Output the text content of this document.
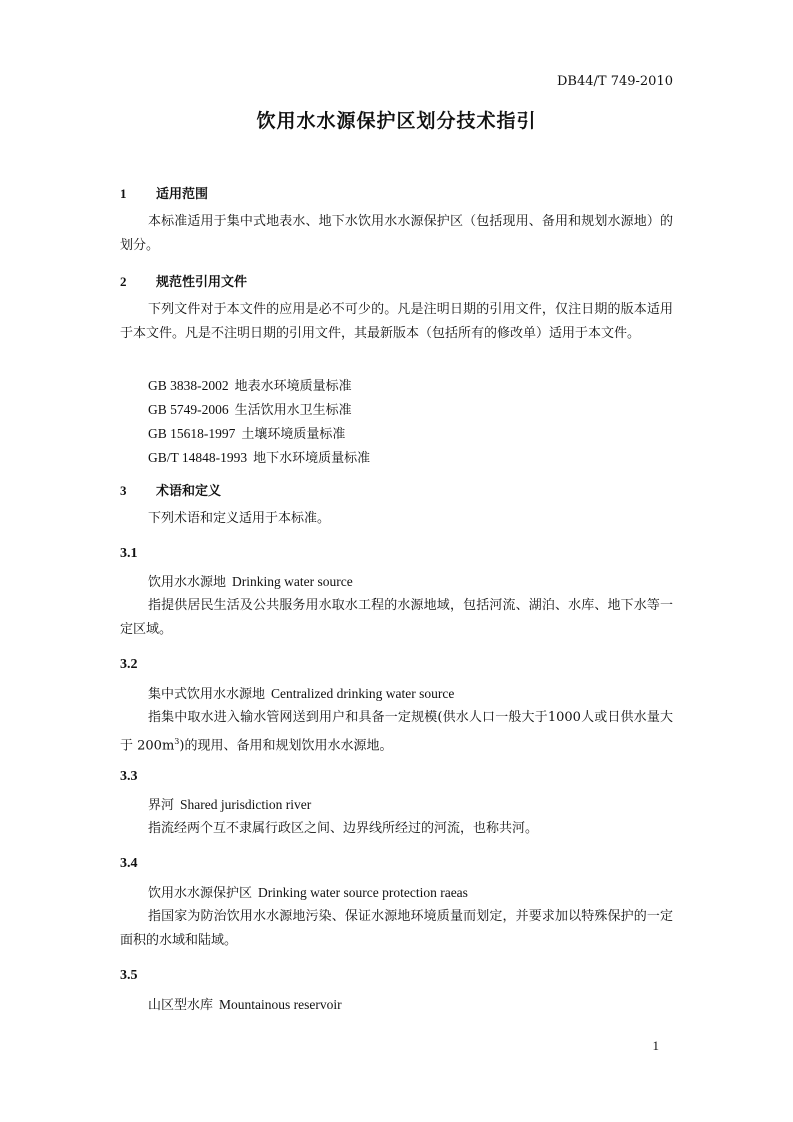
DB44/T 749-2010
饮用水水源保护区划分技术指引
1 适用范围
本标准适用于集中式地表水、地下水饮用水水源保护区（包括现用、备用和规划水源地）的划分。
2 规范性引用文件
下列文件对于本文件的应用是必不可少的。凡是注明日期的引用文件，仅注日期的版本适用于本文件。凡是不注明日期的引用文件，其最新版本（包括所有的修改单）适用于本文件。
GB 3838-2002 地表水环境质量标准
GB 5749-2006 生活饮用水卫生标准
GB 15618-1997 土壤环境质量标准
GB/T 14848-1993 地下水环境质量标准
3 术语和定义
下列术语和定义适用于本标准。
3.1
饮用水水源地 Drinking water source
指提供居民生活及公共服务用水取水工程的水源地域，包括河流、湖泊、水库、地下水等一定区域。
3.2
集中式饮用水水源地 Centralized drinking water source
指集中取水进入输水管网送到用户和具备一定规模(供水人口一般大于1000人或日供水量大于 $200m^3$)的现用、备用和规划饮用水水源地。
3.3
界河 Shared jurisdiction river
指流经两个互不隶属行政区之间、边界线所经过的河流，也称共河。
3.4
饮用水水源保护区 Drinking water source protection raeas
指国家为防治饮用水水源地污染、保证水源地环境质量而划定，并要求加以特殊保护的一定面积的水域和陆域。
3.5
山区型水库 Mountainous reservoir
1
